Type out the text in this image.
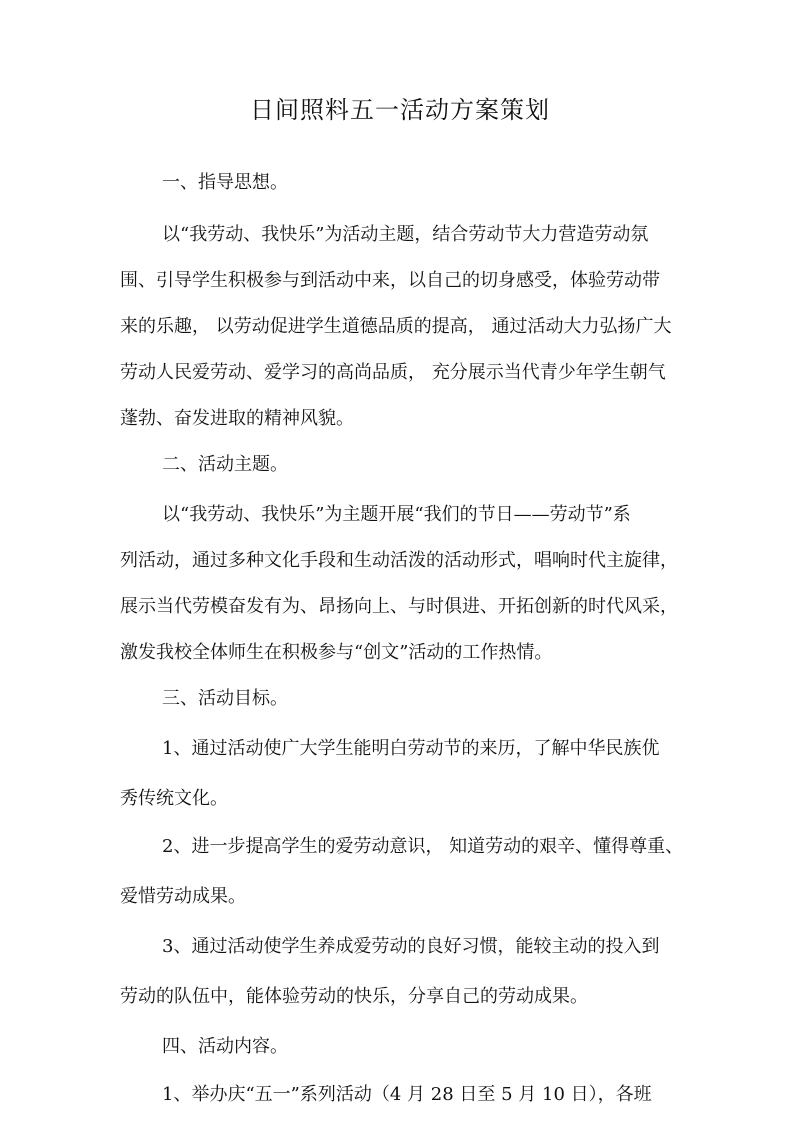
日间照料五一活动方案策划

一、指导思想。

以“我劳动、我快乐”为活动主题，结合劳动节大力营造劳动氛

围、引导学生积极参与到活动中来，以自己的切身感受，体验劳动带

来的乐趣， 以劳动促进学生道德品质的提高， 通过活动大力弘扬广大

劳动人民爱劳动、爱学习的高尚品质， 充分展示当代青少年学生朝气

蓬勃、奋发进取的精神风貌。

二、活动主题。

以“我劳动、我快乐”为主题开展“我们的节日——劳动节”系

列活动，通过多种文化手段和生动活泼的活动形式，唱响时代主旋律，

展示当代劳模奋发有为、昂扬向上、与时俱进、开拓创新的时代风采，

激发我校全体师生在积极参与“创文”活动的工作热情。

三、活动目标。

1、通过活动使广大学生能明白劳动节的来历，了解中华民族优

秀传统文化。

2、进一步提高学生的爱劳动意识， 知道劳动的艰辛、懂得尊重、

爱惜劳动成果。

3、通过活动使学生养成爱劳动的良好习惯，能较主动的投入到

劳动的队伍中，能体验劳动的快乐，分享自己的劳动成果。

四、活动内容。

1、举办庆“五一”系列活动（4 月 28 日至 5 月 10 日），各班
